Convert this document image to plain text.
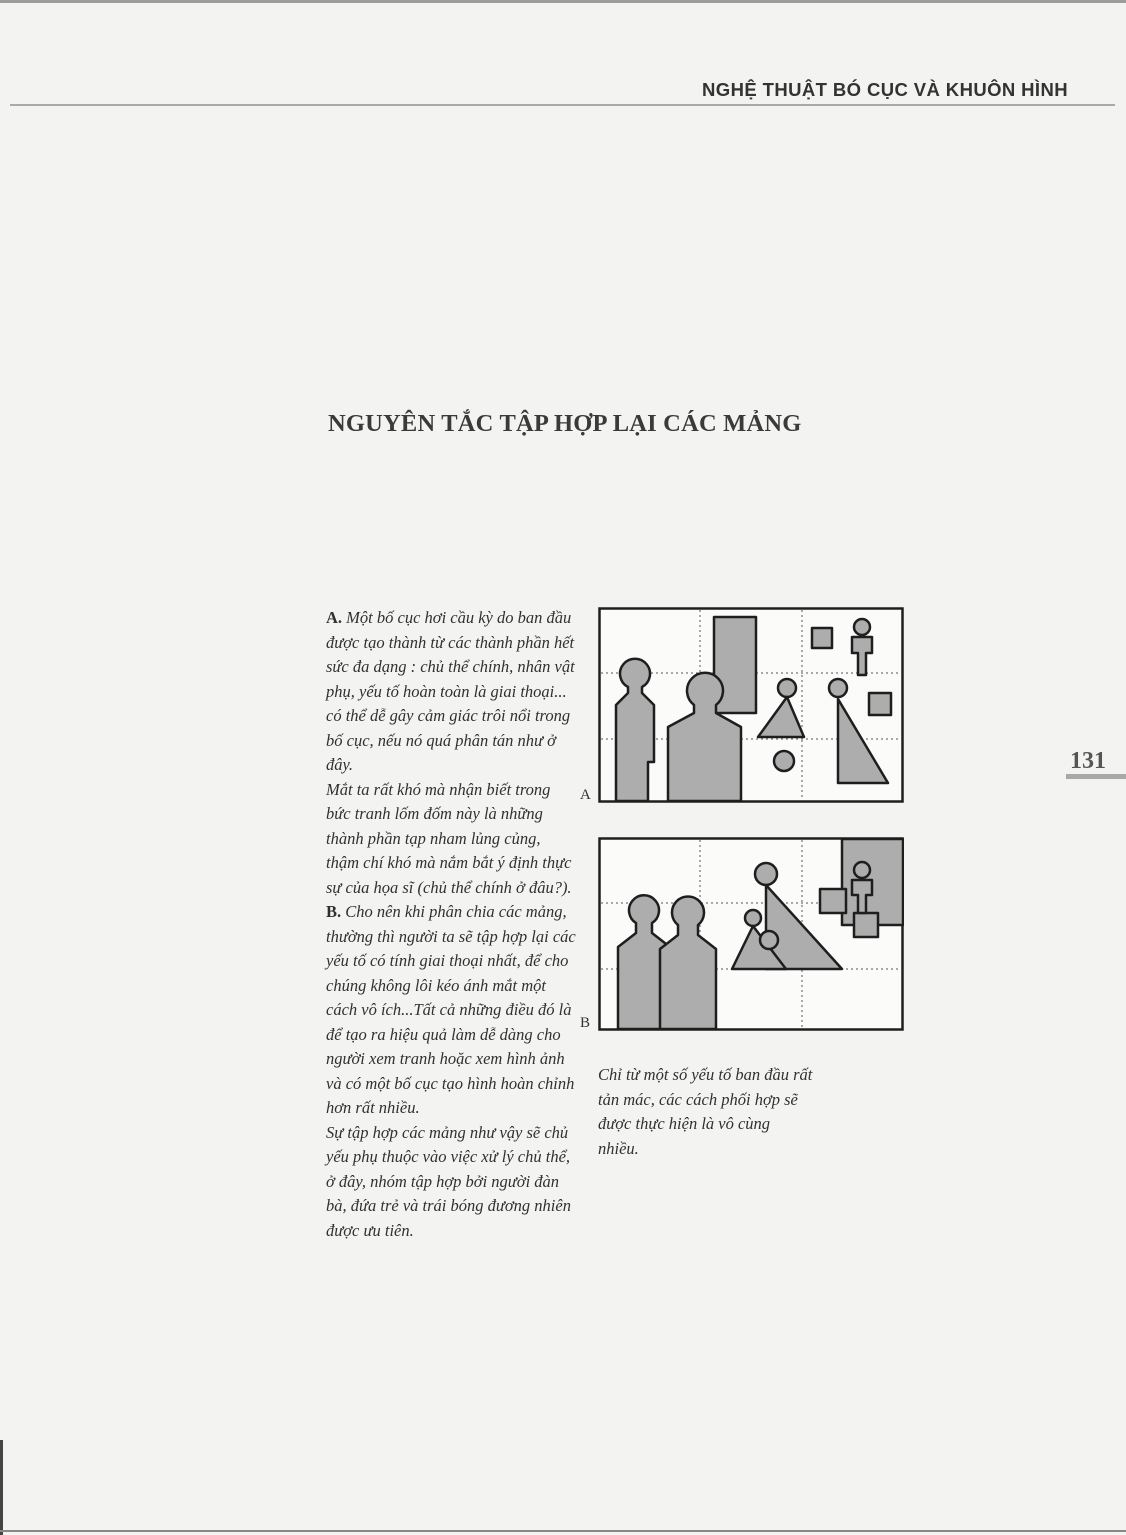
NGHỆ THUẬT BÓ CỤC VÀ KHUÔN HÌNH
NGUYÊN TẮC TẬP HỢP LẠI CÁC MẢNG
131

A. Một bố cục hơi cầu kỳ do ban đầu được tạo thành từ các thành phần hết sức đa dạng : chủ thể chính, nhân vật phụ, yếu tố hoàn toàn là giai thoại... có thể dễ gây cảm giác trôi nổi trong bố cục, nếu nó quá phân tán như ở đây.

Mắt ta rất khó mà nhận biết trong bức tranh lốm đốm này là những thành phần tạp nham lủng củng, thậm chí khó mà nắm bắt ý định thực sự của họa sĩ (chủ thể chính ở đâu?).

B. Cho nên khi phân chia các mảng, thường thì người ta sẽ tập hợp lại các yếu tố có tính giai thoại nhất, để cho chúng không lôi kéo ánh mắt một cách vô ích...Tất cả những điều đó là để tạo ra hiệu quả làm dễ dàng cho người xem tranh hoặc xem hình ảnh và có một bố cục tạo hình hoàn chỉnh hơn rất nhiều.

Sự tập hợp các mảng như vậy sẽ chủ yếu phụ thuộc vào việc xử lý chủ thể, ở đây, nhóm tập hợp bởi người đàn bà, đứa trẻ và trái bóng đương nhiên được ưu tiên.

A
B
Chỉ từ một số yếu tố ban đầu rất tản mác, các cách phối hợp sẽ được thực hiện là vô cùng nhiều.
